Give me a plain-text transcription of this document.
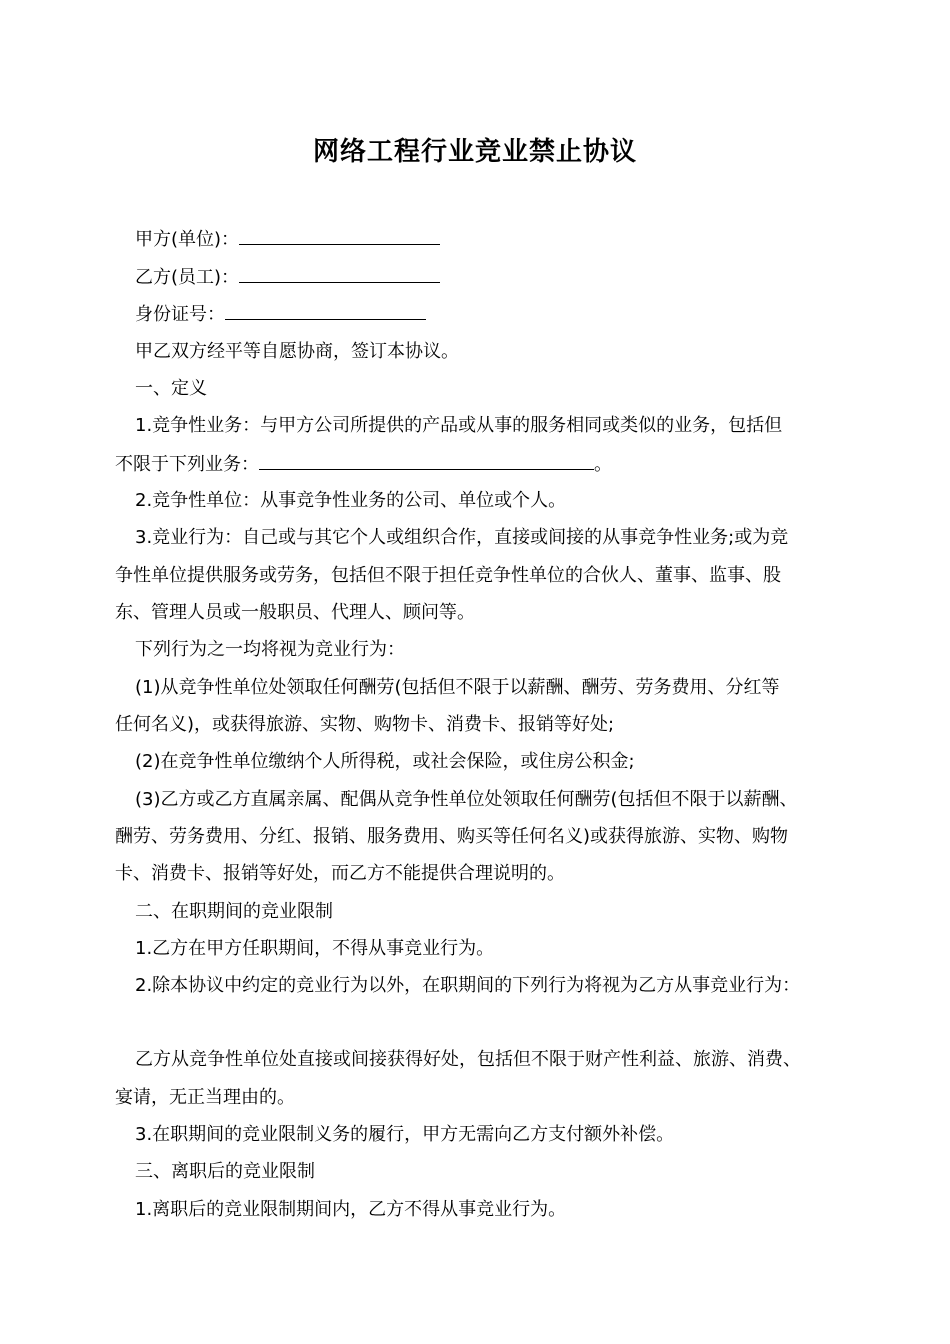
网络工程行业竞业禁止协议
甲方(单位)：
乙方(员工)：
身份证号：
甲乙双方经平等自愿协商，签订本协议。
一、定义
1.竞争性业务：与甲方公司所提供的产品或从事的服务相同或类似的业务，包括但
不限于下列业务：	。
2.竞争性单位：从事竞争性业务的公司、单位或个人。
3.竞业行为：自己或与其它个人或组织合作，直接或间接的从事竞争性业务;或为竞
争性单位提供服务或劳务，包括但不限于担任竞争性单位的合伙人、董事、监事、股
东、管理人员或一般职员、代理人、顾问等。
下列行为之一均将视为竞业行为：
(1)从竞争性单位处领取任何酬劳(包括但不限于以薪酬、酬劳、劳务费用、分红等
任何名义)，或获得旅游、实物、购物卡、消费卡、报销等好处;
(2)在竞争性单位缴纳个人所得税，或社会保险，或住房公积金;
(3)乙方或乙方直属亲属、配偶从竞争性单位处领取任何酬劳(包括但不限于以薪酬、
酬劳、劳务费用、分红、报销、服务费用、购买等任何名义)或获得旅游、实物、购物
卡、消费卡、报销等好处，而乙方不能提供合理说明的。
二、在职期间的竞业限制
1.乙方在甲方任职期间，不得从事竞业行为。
2.除本协议中约定的竞业行为以外，在职期间的下列行为将视为乙方从事竞业行为：
乙方从竞争性单位处直接或间接获得好处，包括但不限于财产性利益、旅游、消费、
宴请，无正当理由的。
3.在职期间的竞业限制义务的履行，甲方无需向乙方支付额外补偿。
三、离职后的竞业限制
1.离职后的竞业限制期间内，乙方不得从事竞业行为。
